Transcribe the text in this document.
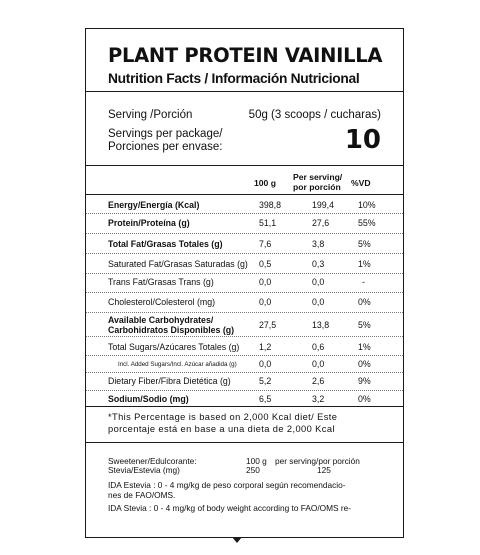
PLANT PROTEIN VAINILLA
Nutrition Facts / Información Nutricional
Serving /Porción	50g (3 scoops / cucharas)
Servings per package/
Porciones per envase:	10
100 g
Per serving/
por porción %VD
Energy/Energía (Kcal)	398,8	199,4	10%
Protein/Proteína (g)	51,1	27,6	55%
Total Fat/Grasas Totales (g)	7,6	3,8	5%
Saturated Fat/Grasas Saturadas (g) 0,5	0,3	1%
Trans Fat/Grasas Trans (g)	0,0	0,0	-
Cholesterol/Colesterol (mg)	0,0	0,0	0%
Available Carbohydrates/
Carbohidratos Disponibles (g)	27,5	13,8	5%
Total Sugars/Azúcares Totales (g) 1,2	0,6	1%
Incl. Added Sugars/Incl. Azúcar añadida (g)	0,0	0,0	0%
Dietary Fiber/Fibra Dietética (g)	5,2	2,6	9%
Sodium/Sodio (mg)	6,5	3,2	0%
*This Percentage is based on 2,000 Kcal diet/ Este
porcentaje está en base a una dieta de 2,000 Kcal
Sweetener/Edulcorante:	100 g per serving/por porción
Stevia/Estevia (mg)	250	125
IDA Estevia : 0 - 4 mg/kg de peso corporal según recomendacio-
nes de FAO/OMS.
IDA Stevia : 0 - 4 mg/kg of body weight according to FAO/OMS re-
